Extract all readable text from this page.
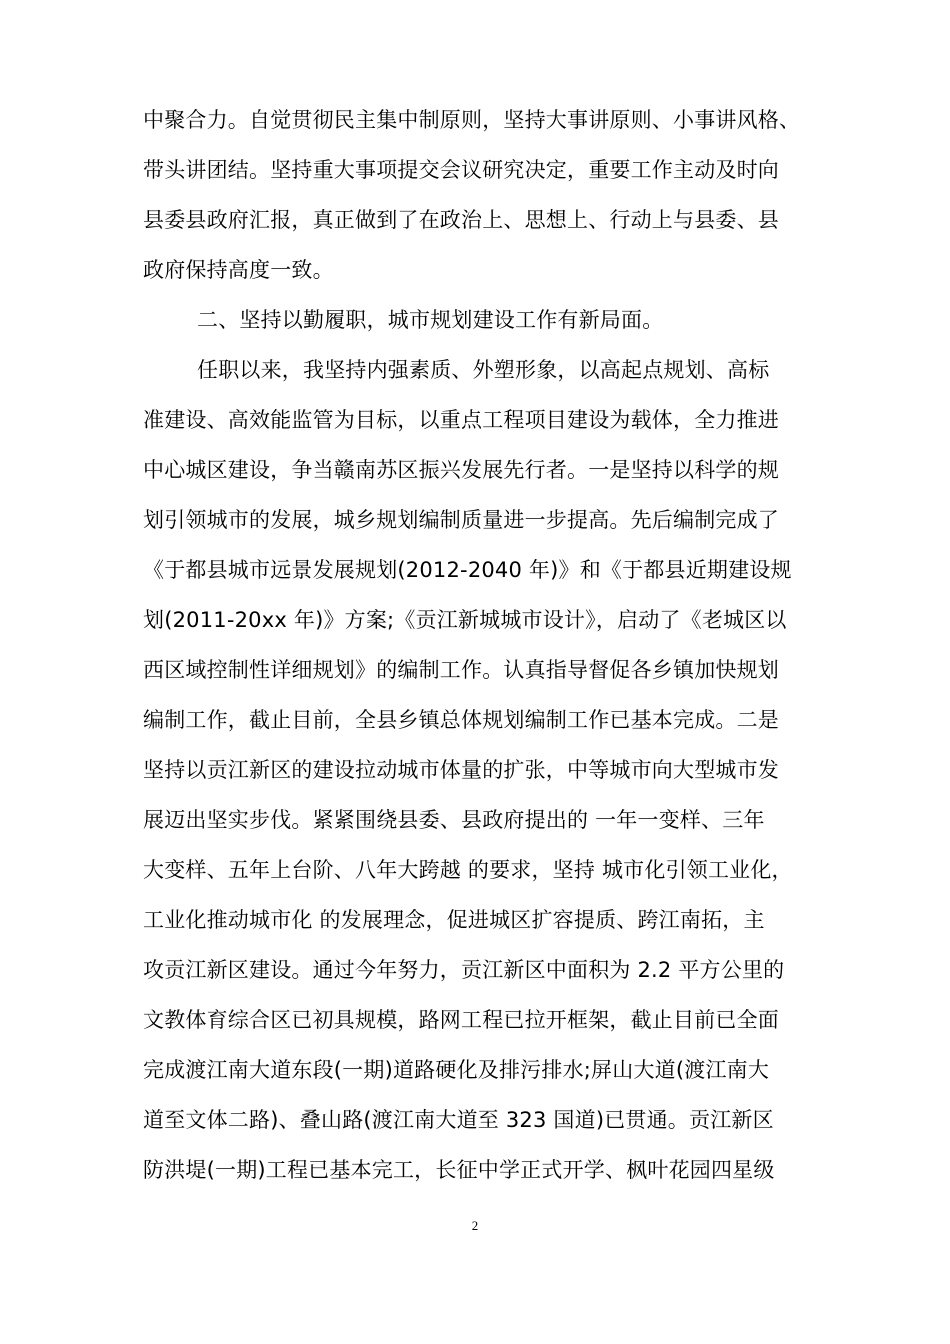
中聚合力。自觉贯彻民主集中制原则，坚持大事讲原则、小事讲风格、
带头讲团结。坚持重大事项提交会议研究决定，重要工作主动及时向
县委县政府汇报，真正做到了在政治上、思想上、行动上与县委、县
政府保持高度一致。
二、坚持以勤履职，城市规划建设工作有新局面。
任职以来，我坚持内强素质、外塑形象，以高起点规划、高标
准建设、高效能监管为目标，以重点工程项目建设为载体，全力推进
中心城区建设，争当赣南苏区振兴发展先行者。一是坚持以科学的规
划引领城市的发展，城乡规划编制质量进一步提高。先后编制完成了
《于都县城市远景发展规划(2012-2040 年)》和《于都县近期建设规
划(2011-20xx 年)》方案;《贡江新城城市设计》，启动了《老城区以
西区域控制性详细规划》的编制工作。认真指导督促各乡镇加快规划
编制工作，截止目前，全县乡镇总体规划编制工作已基本完成。二是
坚持以贡江新区的建设拉动城市体量的扩张，中等城市向大型城市发
展迈出坚实步伐。紧紧围绕县委、县政府提出的 一年一变样、三年
大变样、五年上台阶、八年大跨越 的要求，坚持 城市化引领工业化，
工业化推动城市化 的发展理念，促进城区扩容提质、跨江南拓，主
攻贡江新区建设。通过今年努力，贡江新区中面积为 2.2 平方公里的
文教体育综合区已初具规模，路网工程已拉开框架，截止目前已全面
完成渡江南大道东段(一期)道路硬化及排污排水;屏山大道(渡江南大
道至文体二路)、叠山路(渡江南大道至 323 国道)已贯通。贡江新区
防洪堤(一期)工程已基本完工，长征中学正式开学、枫叶花园四星级
2
